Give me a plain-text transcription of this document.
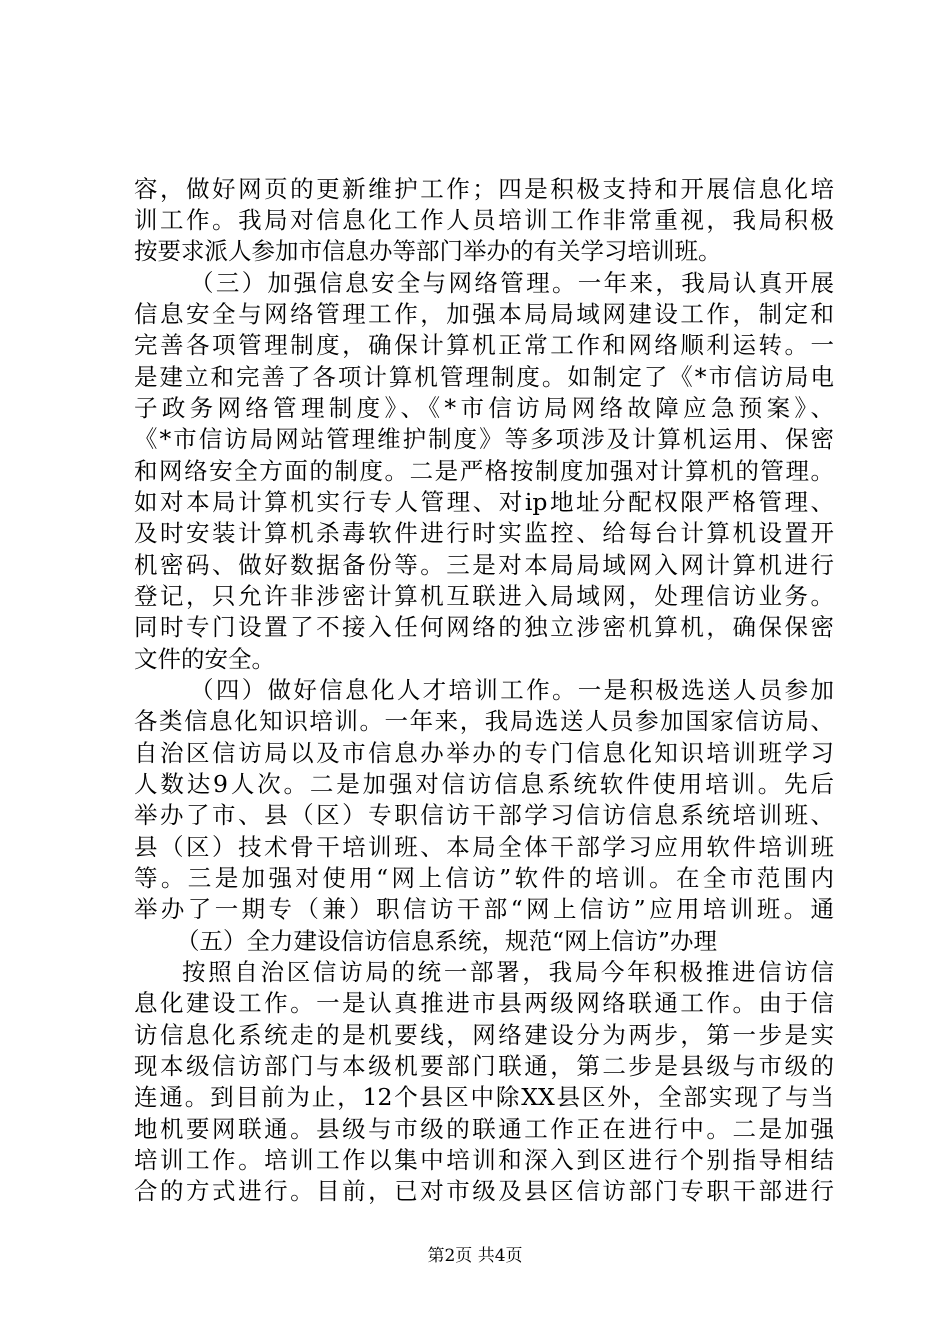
容，做好网页的更新维护工作；四是积极支持和开展信息化培
训工作。我局对信息化工作人员培训工作非常重视，我局积极
按要求派人参加市信息办等部门举办的有关学习培训班。
（三）加强信息安全与网络管理。一年来，我局认真开展
信息安全与网络管理工作，加强本局局域网建设工作，制定和
完善各项管理制度，确保计算机正常工作和网络顺利运转。一
是建立和完善了各项计算机管理制度。如制定了《*市信访局电
子政务网络管理制度》、《*市信访局网络故障应急预案》、
《*市信访局网站管理维护制度》等多项涉及计算机运用、保密
和网络安全方面的制度。二是严格按制度加强对计算机的管理。
如对本局计算机实行专人管理、对ip地址分配权限严格管理、
及时安装计算机杀毒软件进行时实监控、给每台计算机设置开
机密码、做好数据备份等。三是对本局局域网入网计算机进行
登记，只允许非涉密计算机互联进入局域网，处理信访业务。
同时专门设置了不接入任何网络的独立涉密机算机，确保保密
文件的安全。
（四）做好信息化人才培训工作。一是积极选送人员参加
各类信息化知识培训。一年来，我局选送人员参加国家信访局、
自治区信访局以及市信息办举办的专门信息化知识培训班学习
人数达9人次。二是加强对信访信息系统软件使用培训。先后
举办了市、县（区）专职信访干部学习信访信息系统培训班、
县（区）技术骨干培训班、本局全体干部学习应用软件培训班
等。三是加强对使用“网上信访”软件的培训。在全市范围内
举办了一期专（兼）职信访干部“网上信访”应用培训班。通
（五）全力建设信访信息系统，规范“网上信访”办理
按照自治区信访局的统一部署，我局今年积极推进信访信
息化建设工作。一是认真推进市县两级网络联通工作。由于信
访信息化系统走的是机要线，网络建设分为两步，第一步是实
现本级信访部门与本级机要部门联通，第二步是县级与市级的
连通。到目前为止，12个县区中除XX县区外，全部实现了与当
地机要网联通。县级与市级的联通工作正在进行中。二是加强
培训工作。培训工作以集中培训和深入到区进行个别指导相结
合的方式进行。目前，已对市级及县区信访部门专职干部进行
第2页 共4页
